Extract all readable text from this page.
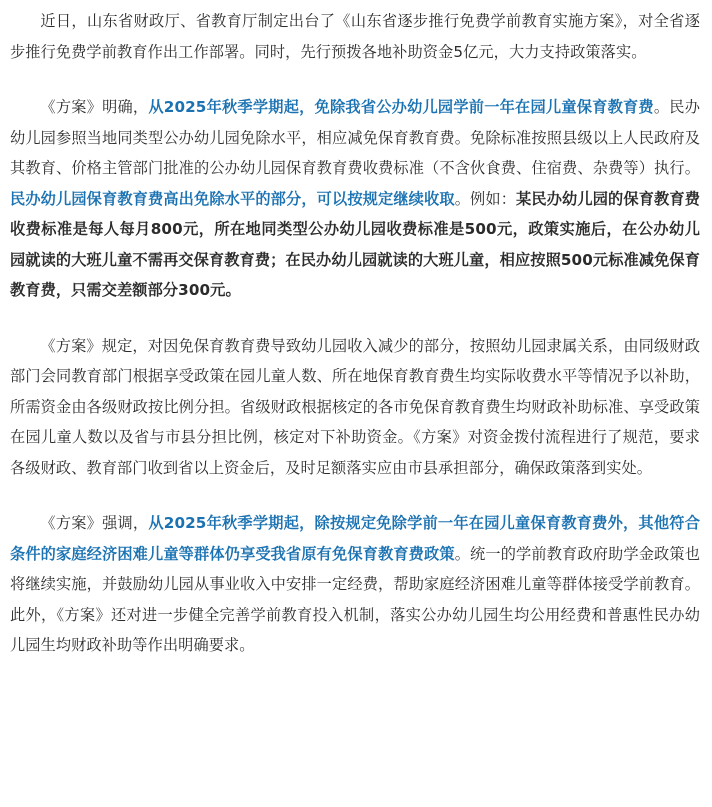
近日，山东省财政厅、省教育厅制定出台了《山东省逐步推行免费学前教育实施方案》，对全省逐步推行免费学前教育作出工作部署。同时，先行预拨各地补助资金5亿元，大力支持政策落实。

《方案》明确，从2025年秋季学期起，免除我省公办幼儿园学前一年在园儿童保育教育费。民办幼儿园参照当地同类型公办幼儿园免除水平，相应减免保育教育费。免除标准按照县级以上人民政府及其教育、价格主管部门批准的公办幼儿园保育教育费收费标准（不含伙食费、住宿费、杂费等）执行。民办幼儿园保育教育费高出免除水平的部分，可以按规定继续收取。例如：某民办幼儿园的保育教育费收费标准是每人每月800元，所在地同类型公办幼儿园收费标准是500元，政策实施后，在公办幼儿园就读的大班儿童不需再交保育教育费；在民办幼儿园就读的大班儿童，相应按照500元标准减免保育教育费，只需交差额部分300元。

《方案》规定，对因免保育教育费导致幼儿园收入减少的部分，按照幼儿园隶属关系，由同级财政部门会同教育部门根据享受政策在园儿童人数、所在地保育教育费生均实际收费水平等情况予以补助，所需资金由各级财政按比例分担。省级财政根据核定的各市免保育教育费生均财政补助标准、享受政策在园儿童人数以及省与市县分担比例，核定对下补助资金。《方案》对资金拨付流程进行了规范，要求各级财政、教育部门收到省以上资金后，及时足额落实应由市县承担部分，确保政策落到实处。

《方案》强调，从2025年秋季学期起，除按规定免除学前一年在园儿童保育教育费外，其他符合条件的家庭经济困难儿童等群体仍享受我省原有免保育教育费政策。统一的学前教育政府助学金政策也将继续实施，并鼓励幼儿园从事业收入中安排一定经费，帮助家庭经济困难儿童等群体接受学前教育。此外，《方案》还对进一步健全完善学前教育投入机制，落实公办幼儿园生均公用经费和普惠性民办幼儿园生均财政补助等作出明确要求。
